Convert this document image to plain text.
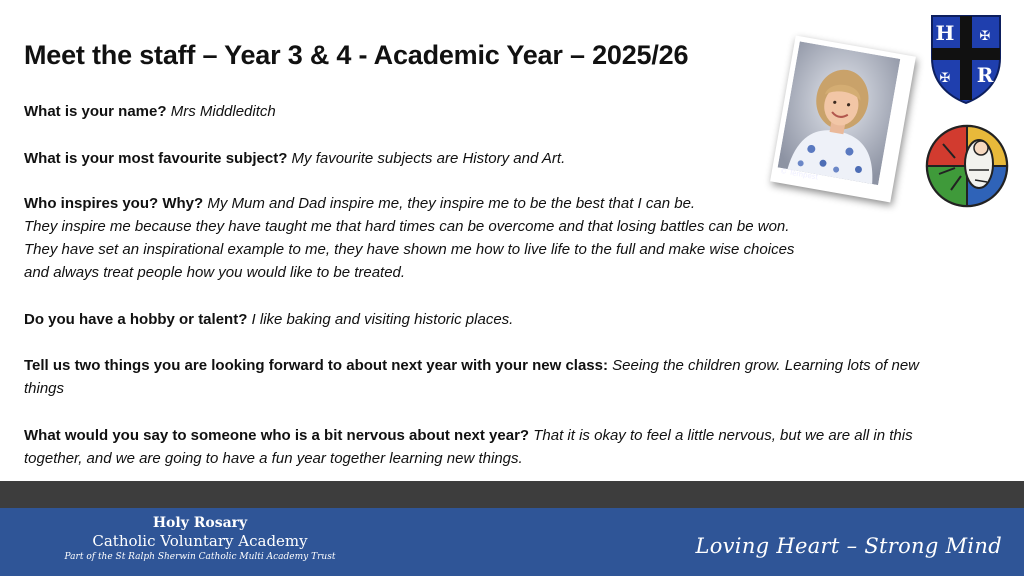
Meet the staff – Year 3 & 4 - Academic Year – 2025/26
What is your name? Mrs Middleditch
What is your most favourite subject? My favourite subjects are History and Art.
Who inspires you? Why? My Mum and Dad inspire me, they inspire me to be the best that I can be.
They inspire me because they have taught me that hard times can be overcome and that losing battles can be won.
They have set an inspirational example to me, they have shown me how to live life to the full and make wise choices
and always treat people how you would like to be treated.
Do you have a hobby or talent? I like baking and visiting historic places.
Tell us two things you are looking forward to about next year with your new class: Seeing the children grow. Learning lots of new things
What would you say to someone who is a bit nervous about next year? That it is okay to feel a little nervous, but we are all in this together, and we are going to have a fun year together learning new things.
© Tempest
H
R
✠
✠
Holy Rosary
Catholic Voluntary Academy
Part of the St Ralph Sherwin Catholic Multi Academy Trust	Loving Heart – Strong Mind
